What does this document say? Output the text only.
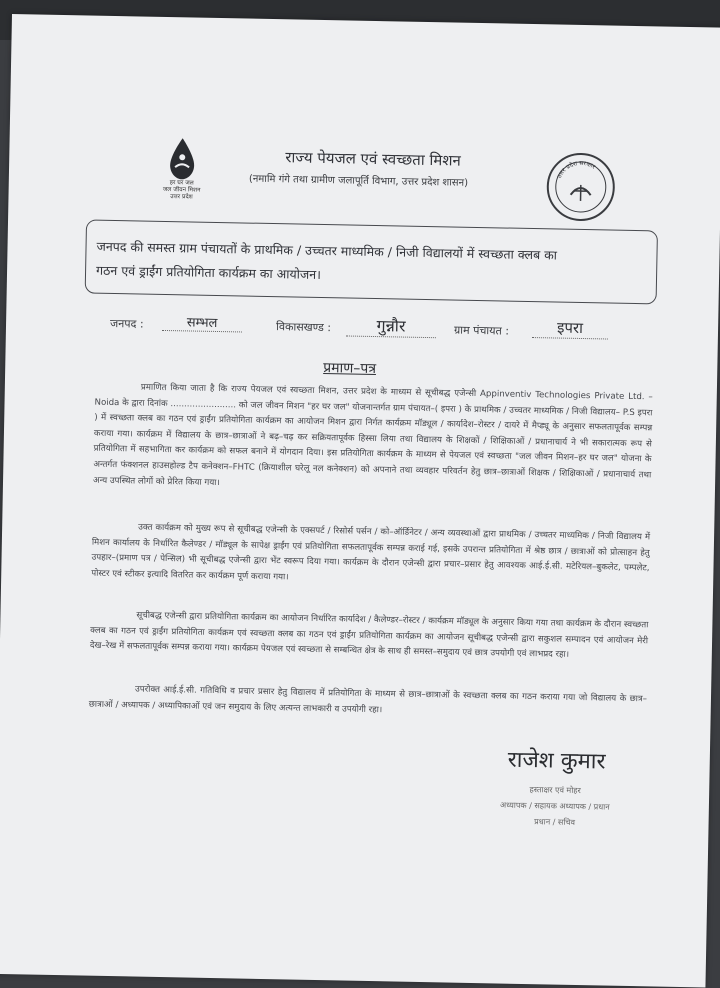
हर घर जल
जल जीवन मिशन
उत्तर प्रदेश
राज्य पेयजल एवं स्वच्छता मिशन
(नमामि गंगे तथा ग्रामीण जलापूर्ति विभाग, उत्तर प्रदेश शासन)	उत्तर प्रदेश सरकार
जनपद की समस्त ग्राम पंचायतों के प्राथमिक / उच्चतर माध्यमिक / निजी विद्यालयों में स्वच्छता क्लब का
गठन एवं ड्राईंग प्रतियोगिता कार्यक्रम का आयोजन।
जनपद :	सम्भल	विकासखण्ड :	गुन्नौर	ग्राम पंचायत :	इपरा
प्रमाण–पत्र
प्रमाणित किया जाता है कि राज्य पेयजल एवं स्वच्छता मिशन, उत्तर प्रदेश के माध्यम से सूचीबद्ध एजेन्सी Appinventiv Technologies Private Ltd. – Noida के द्वारा दिनांक ........................ को जल जीवन मिशन "हर घर जल" योजनान्तर्गत ग्राम पंचायत–( इपरा ) के प्राथमिक / उच्चतर माध्यमिक / निजी विद्यालय– P.S इपरा ) में स्वच्छता क्लब का गठन एवं ड्राईंग प्रतियोगिता कार्यक्रम का आयोजन मिशन द्वारा निर्गत कार्यक्रम मॉड्यूल / कार्यादेश–रोस्टर / दायरे में मैप्ड्यू के अनुसार सफलतापूर्वक सम्पन्न कराया गया। कार्यक्रम में विद्यालय के छात्र–छात्राओं ने बढ़–चढ़ कर सक्रियतापूर्वक हिस्सा लिया तथा विद्यालय के शिक्षकों / शिक्षिकाओं / प्रधानाचार्य ने भी सकारात्मक रूप से प्रतियोगिता में सहभागिता कर कार्यक्रम को सफल बनाने में योगदान दिया। इस प्रतियोगिता कार्यक्रम के माध्यम से पेयजल एवं स्वच्छता "जल जीवन मिशन–हर घर जल" योजना के अन्तर्गत फंक्शनल हाउसहोल्ड टैप कनेक्शन–FHTC (क्रियाशील घरेलू नल कनेक्शन) को अपनाने तथा व्यवहार परिवर्तन हेतु छात्र–छात्राओं शिक्षक / शिक्षिकाओं / प्रधानाचार्य तथा अन्य उपस्थित लोगों को प्रेरित किया गया।
उक्त कार्यक्रम को मुख्य रूप से सूचीबद्ध एजेन्सी के एक्सपर्ट / रिसोर्स पर्सन / को–ऑर्डिनेटर / अन्य व्यवस्थाओं द्वारा प्राथमिक / उच्चतर माध्यमिक / निजी विद्यालय में मिशन कार्यालय के निर्धारित कैलेण्डर / मॉड्यूल के सापेक्ष ड्राईंग एवं प्रतियोगिता सफलतापूर्वक सम्पन्न कराई गई, इसके उपरान्त प्रतियोगिता में श्रेष्ठ छात्र / छात्राओं को प्रोत्साहन हेतु उपहार–(प्रमाण पत्र / पेन्सिल) भी सूचीबद्ध एजेन्सी द्वारा भेंट स्वरूप दिया गया। कार्यक्रम के दौरान एजेन्सी द्वारा प्रचार–प्रसार हेतु आवश्यक आई.ई.सी. मटेरियल–बुकलेट, पम्पलेट, पोस्टर एवं स्टीकर इत्यादि वितरित कर कार्यक्रम पूर्ण कराया गया।
सूचीबद्ध एजेन्सी द्वारा प्रतियोगिता कार्यक्रम का आयोजन निर्धारित कार्यादेश / कैलेण्डर–रोस्टर / कार्यक्रम मॉड्यूल के अनुसार किया गया तथा कार्यक्रम के दौरान स्वच्छता क्लब का गठन एवं ड्राईंग प्रतियोगिता कार्यक्रम एवं स्वच्छता क्लब का गठन एवं ड्राईंग प्रतियोगिता कार्यक्रम का आयोजन सूचीबद्ध एजेन्सी द्वारा सकुशल सम्पादन एवं आयोजन मेरी देख–रेख में सफलतापूर्वक सम्पन्न कराया गया। कार्यक्रम पेयजल एवं स्वच्छता से सम्बन्धित क्षेत्र के साथ ही समस्त–समुदाय एवं छात्र उपयोगी एवं लाभप्रद रहा।
उपरोक्त आई.ई.सी. गतिविधि व प्रचार प्रसार हेतु विद्यालय में प्रतियोगिता के माध्यम से छात्र–छात्राओं के स्वच्छता क्लब का गठन कराया गया जो विद्यालय के छात्र–छात्राओं / अध्यापक / अध्यापिकाओं एवं जन समुदाय के लिए अत्यन्त लाभकारी व उपयोगी रहा।
राजेश कुमार
हस्ताक्षर एवं मोहर
अध्यापक / सहायक अध्यापक / प्रधान
प्रधान / सचिव
